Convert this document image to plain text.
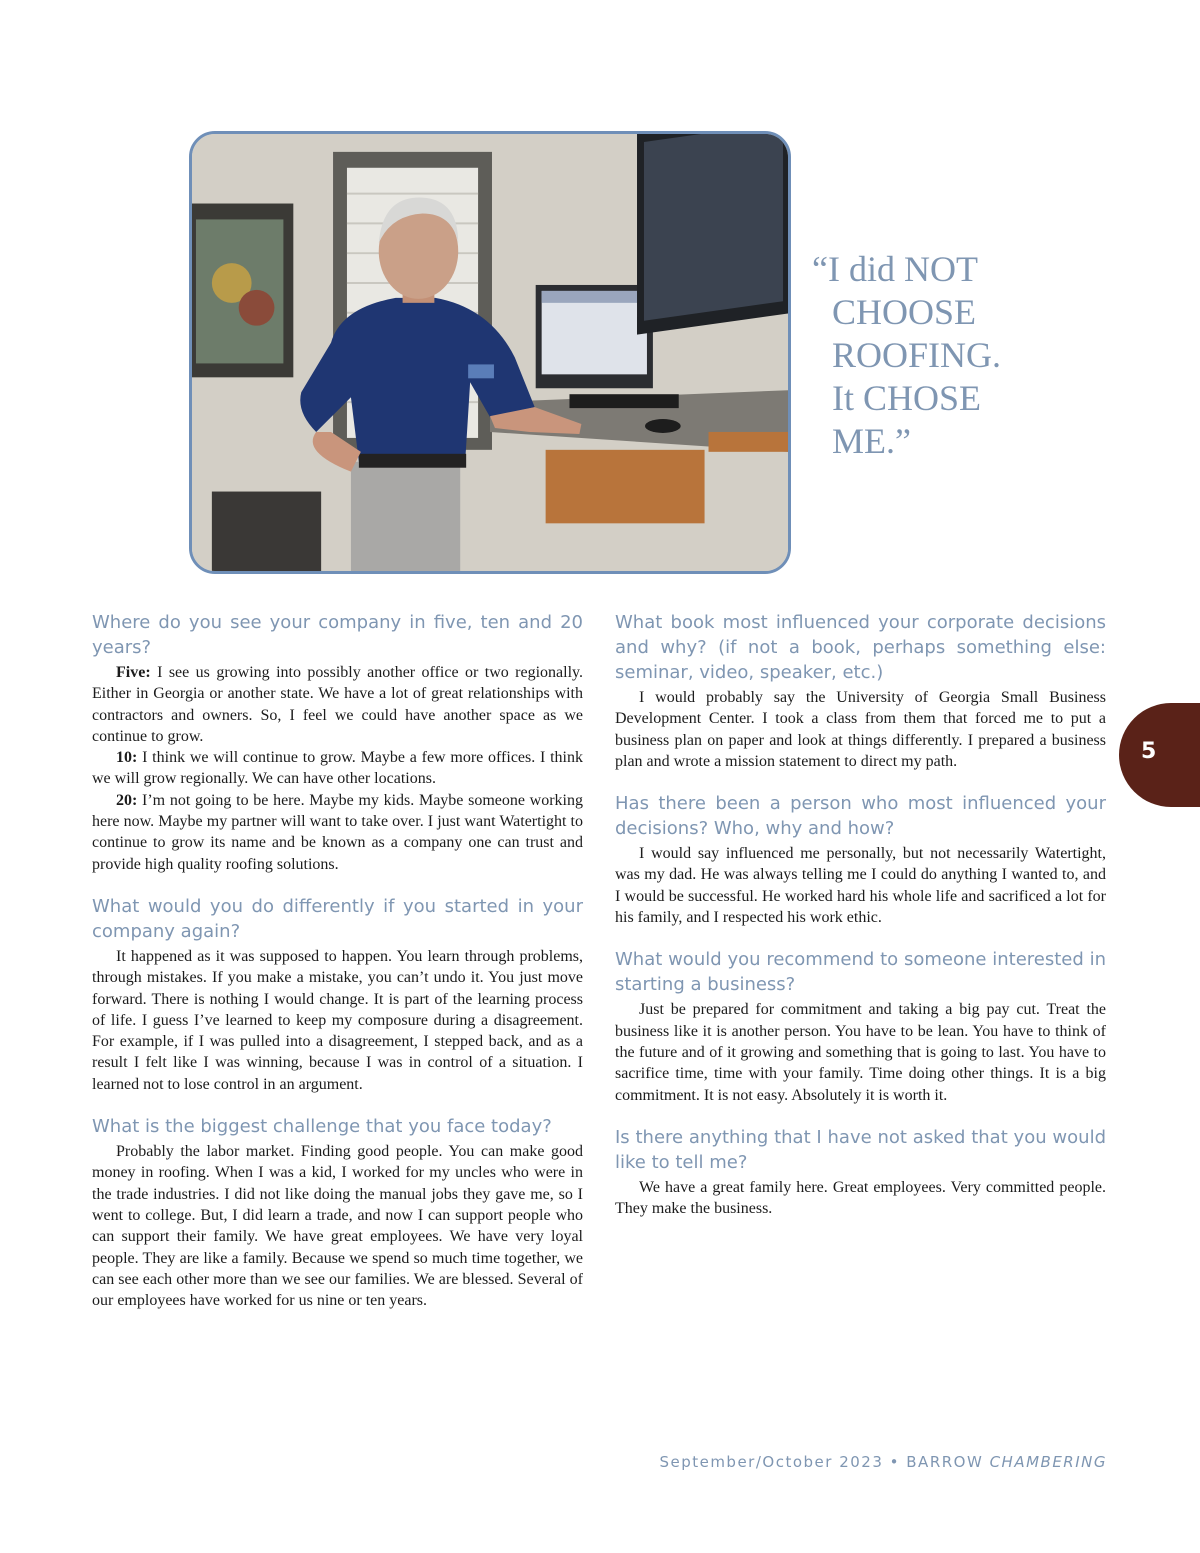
“I did NOT
CHOOSE
ROOFING.
It CHOSE
ME.”
Where do you see your company in five, ten and 20 years?

Five: I see us growing into possibly another office or two regionally. Either in Georgia or another state. We have a lot of great relationships with contractors and owners. So, I feel we could have another space as we continue to grow.

10: I think we will continue to grow. Maybe a few more offices. I think we will grow regionally. We can have other locations.

20: I’m not going to be here. Maybe my kids. Maybe someone working here now. Maybe my partner will want to take over. I just want Watertight to continue to grow its name and be known as a company one can trust and provide high quality roofing solutions.

What would you do differently if you started in your company again?

It happened as it was supposed to happen. You learn through problems, through mistakes. If you make a mistake, you can’t undo it. You just move forward. There is nothing I would change. It is part of the learning process of life. I guess I’ve learned to keep my composure during a disagreement. For example, if I was pulled into a disagreement, I stepped back, and as a result I felt like I was winning, because I was in control of a situation. I learned not to lose control in an argument.

What is the biggest challenge that you face today?

Probably the labor market. Finding good people. You can make good money in roofing. When I was a kid, I worked for my uncles who were in the trade industries. I did not like doing the manual jobs they gave me, so I went to college. But, I did learn a trade, and now I can support people who can support their family. We have great employees. We have very loyal people. They are like a family. Because we spend so much time together, we can see each other more than we see our families. We are blessed. Several of our employees have worked for us nine or ten years.

What book most influenced your corporate decisions and why? (if not a book, perhaps something else: seminar, video, speaker, etc.)

I would probably say the University of Georgia Small Business Development Center. I took a class from them that forced me to put a business plan on paper and look at things differently. I prepared a business plan and wrote a mission statement to direct my path.

Has there been a person who most influenced your decisions? Who, why and how?

I would say influenced me personally, but not necessarily Watertight, was my dad. He was always telling me I could do anything I wanted to, and I would be successful. He worked hard his whole life and sacrificed a lot for his family, and I respected his work ethic.

What would you recommend to someone interested in starting a business?

Just be prepared for commitment and taking a big pay cut. Treat the business like it is another person. You have to be lean. You have to think of the future and of it growing and something that is going to last. You have to sacrifice time, time with your family. Time doing other things. It is a big commitment. It is not easy. Absolutely it is worth it.

Is there anything that I have not asked that you would like to tell me?

We have a great family here. Great employees. Very committed people. They make the business.

5
September/October 2023 • BARROW CHAMBERING
